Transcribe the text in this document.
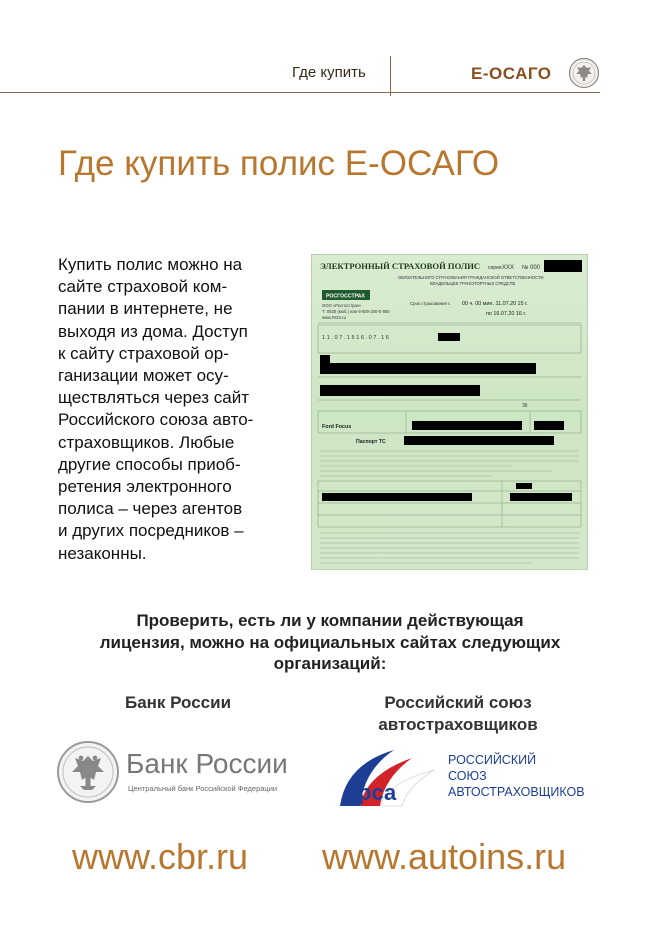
Где купить	Е-ОСАГО
Где купить полис Е-ОСАГО
Купить полис можно на
сайте страховой ком-
пании в интернете, не
выходя из дома. Доступ
к сайту страховой ор-
ганизации может осу-
ществляться через сайт
Российского союза авто-
страховщиков. Любые
другие способы приоб-
ретения электронного
полиса – через агентов
и других посредников –
незаконны.
ЭЛЕКТРОННЫЙ СТРАХОВОЙ ПОЛИС серия XXX № 000
ОБЯЗАТЕЛЬНОГО СТРАХОВАНИЯ ГРАЖДАНСКОЙ ОТВЕТСТВЕННОСТИ
ВЛАДЕЛЬЦЕВ ТРАНСПОРТНЫХ СРЕДСТВ
РОСГОССТРАХ
ООО «Росгосстрах»
Т: 0530 (моб.) или 8-800-200-0-900
www.RGS.ru
Срок страхования с 00 ч. 00 мин. 11.07.20 15 г.
по 16.07.20 16 г.
1 1 . 0 7 . 1 5 1 6 . 0 7 . 1 6
36
Ford Focus
Паспорт ТС
Проверить, есть ли у компании действующая
лицензия, можно на официальных сайтах следующих
организаций:
Банк России	Российский союз
автостраховщиков
Банк России
Центральный банк Российской Федерации	рса
РОССИЙСКИЙ
СОЮЗ
АВТОСТРАХОВЩИКОВ
www.cbr.ru www.autoins.ru
